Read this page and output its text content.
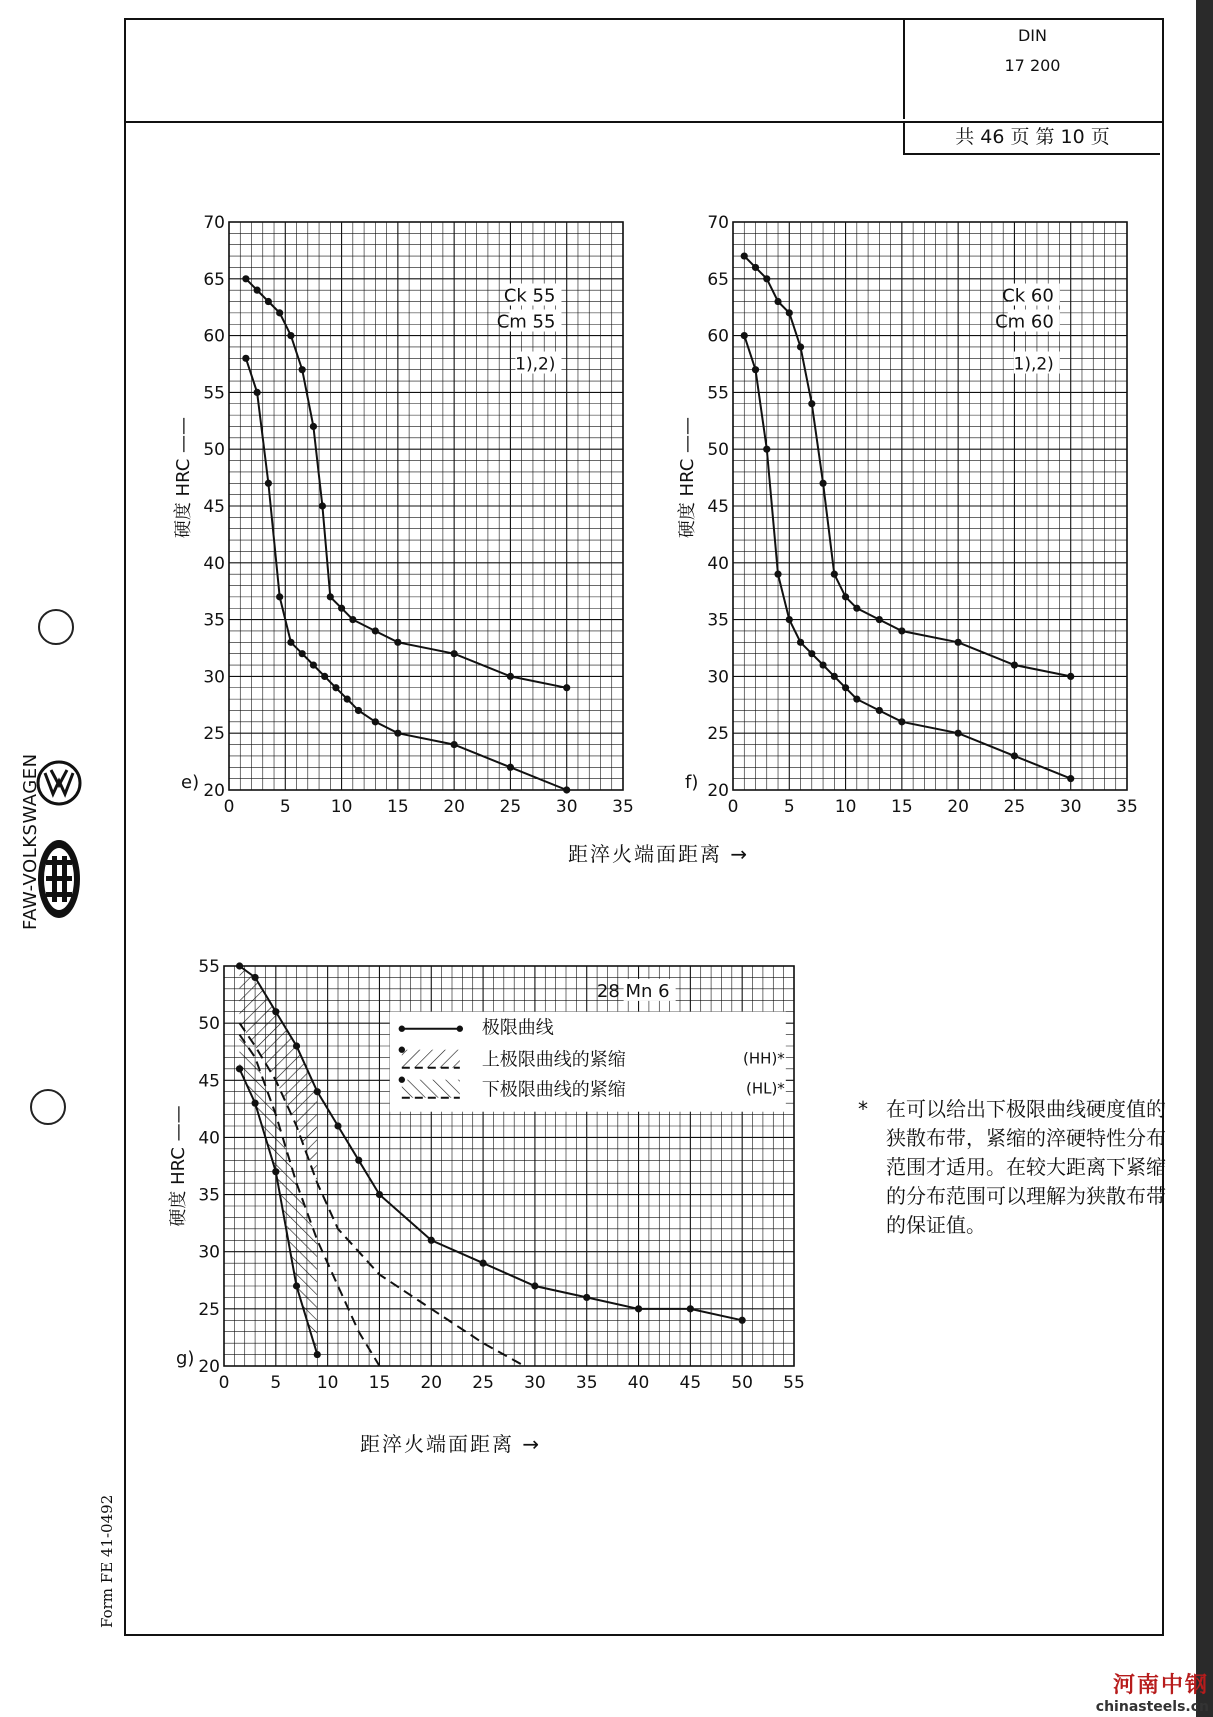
DIN
17 200
共 46 页 第 10 页
FAW-VOLKSWAGEN
Form FE 41-0492
0	5 10 15 20 25 30 35
20
25
30
35
40
45
50
55
60
65
70
e)
硬度 HRC ——
Ck 55
Cm 55
1),2)
0	5 10 15 20 25 30 35
20
25
30
35
40
45
50
55
60
65
70
f)
硬度 HRC ——
Ck 60
Cm 60
1),2)
距淬火端面距离 →
0 5 10 15 20 25 30 35 40 45 50 55
20
25
30
35
40
45
50
55
g)
硬度 HRC ——
28 Mn 6
极限曲线
上极限曲线的紧缩	(HH)*
下极限曲线的紧缩	(HL)*
距淬火端面距离 →
* 在可以给出下极限曲线硬度值的狭散布带，紧缩的淬硬特性分布范围才适用。在较大距离下紧缩的分布范围可以理解为狭散布带的保证值。
河南中钢
chinasteels.cn
